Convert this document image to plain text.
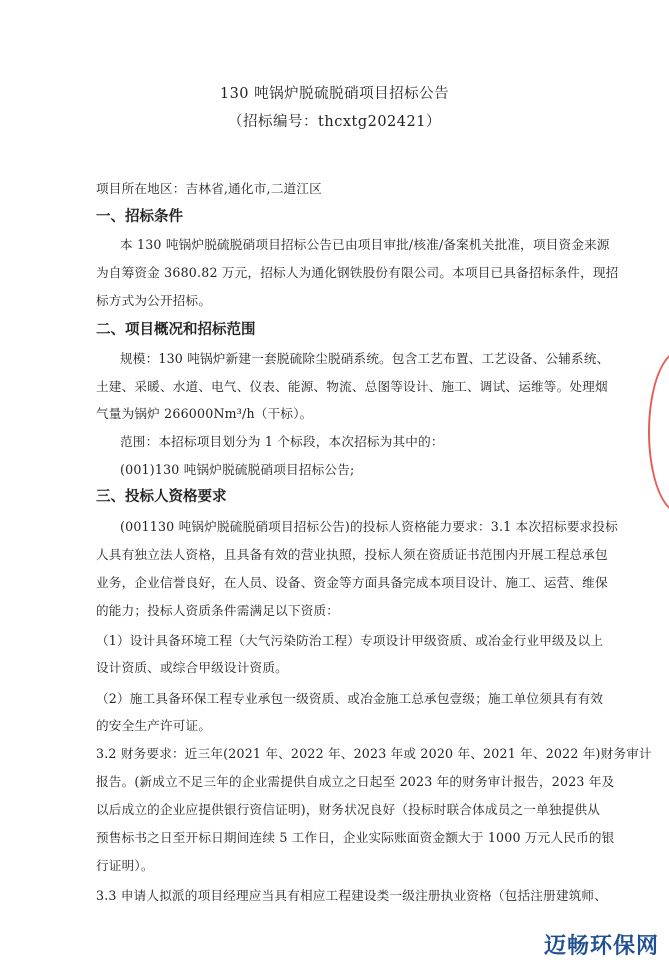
130 吨锅炉脱硫脱硝项目招标公告
（招标编号：thcxtg202421）
项目所在地区：吉林省,通化市,二道江区
一、招标条件
本 130 吨锅炉脱硫脱硝项目招标公告已由项目审批/核准/备案机关批准，项目资金来源
为自筹资金 3680.82 万元，招标人为通化钢铁股份有限公司。本项目已具备招标条件，现招
标方式为公开招标。
二、项目概况和招标范围
规模：130 吨锅炉新建一套脱硫除尘脱硝系统。包含工艺布置、工艺设备、公辅系统、
土建、采暖、水道、电气、仪表、能源、物流、总图等设计、施工、调试、运维等。处理烟
气量为锅炉 266000Nm³/h（干标）。
范围：本招标项目划分为 1 个标段，本次招标为其中的：
(001)130 吨锅炉脱硫脱硝项目招标公告;
三、投标人资格要求
(001130 吨锅炉脱硫脱硝项目招标公告)的投标人资格能力要求：3.1 本次招标要求投标
人具有独立法人资格，且具备有效的营业执照，投标人须在资质证书范围内开展工程总承包
业务，企业信誉良好，在人员、设备、资金等方面具备完成本项目设计、施工、运营、维保
的能力；投标人资质条件需满足以下资质：
（1）设计具备环境工程（大气污染防治工程）专项设计甲级资质、或冶金行业甲级及以上
设计资质、或综合甲级设计资质。
（2）施工具备环保工程专业承包一级资质、或冶金施工总承包壹级；施工单位须具有有效
的安全生产许可证。
3.2 财务要求：近三年(2021 年、2022 年、2023 年或 2020 年、2021 年、2022 年)财务审计
报告。(新成立不足三年的企业需提供自成立之日起至 2023 年的财务审计报告，2023 年及
以后成立的企业应提供银行资信证明)，财务状况良好（投标时联合体成员之一单独提供从
预售标书之日至开标日期间连续 5 工作日，企业实际账面资金额大于 1000 万元人民币的银
行证明）。
3.3 申请人拟派的项目经理应当具有相应工程建设类一级注册执业资格（包括注册建筑师、
迈畅环保网
